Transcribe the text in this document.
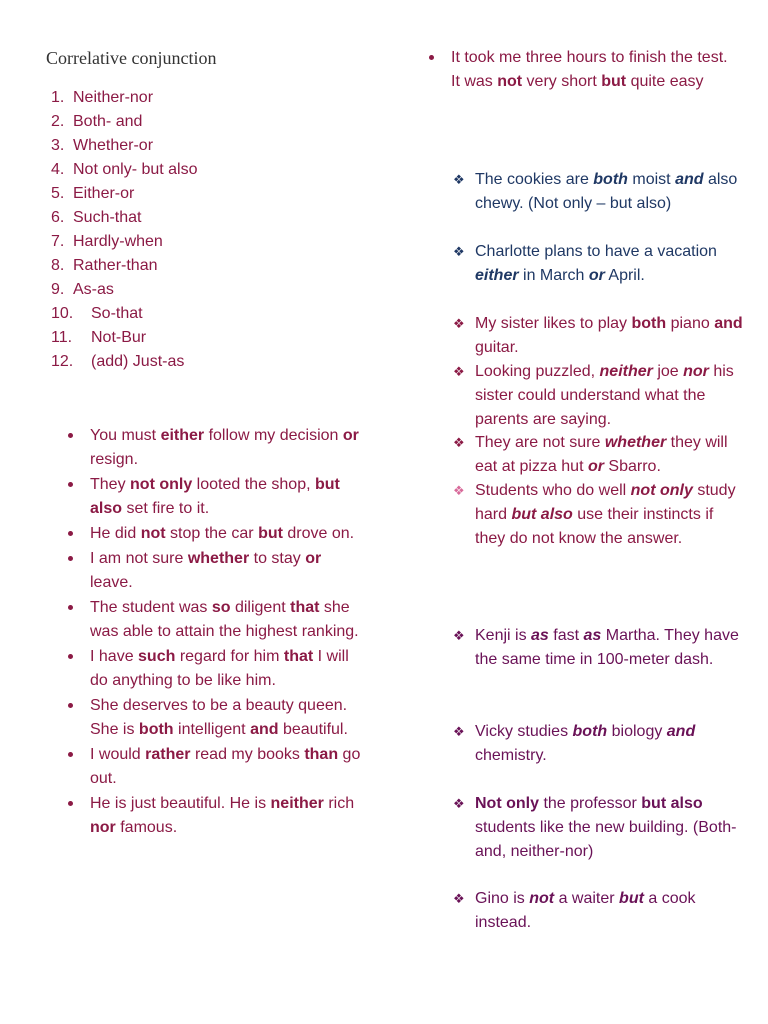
Correlative conjunction
1. Neither-nor
2. Both- and
3. Whether-or
4. Not only- but also
5. Either-or
6. Such-that
7. Hardly-when
8. Rather-than
9. As-as
10. So-that
11. Not-Bur
12. (add) Just-as
You must either follow my decision or resign.
They not only looted the shop, but also set fire to it.
He did not stop the car but drove on.
I am not sure whether to stay or leave.
The student was so diligent that she was able to attain the highest ranking.
I have such regard for him that I will do anything to be like him.
She deserves to be a beauty queen. She is both intelligent and beautiful.
I would rather read my books than go out.
He is just beautiful. He is neither rich nor famous.
It took me three hours to finish the test. It was not very short but quite easy
❖ The cookies are both moist and also chewy. (Not only – but also)
❖ Charlotte plans to have a vacation either in March or April.
❖ My sister likes to play both piano and guitar.
❖ Looking puzzled, neither joe nor his sister could understand what the parents are saying.
❖ They are not sure whether they will eat at pizza hut or Sbarro.
❖ Students who do well not only study hard but also use their instincts if they do not know the answer.
❖ Kenji is as fast as Martha. They have the same time in 100-meter dash.
❖ Vicky studies both biology and chemistry.
❖ Not only the professor but also students like the new building. (Both-and, neither-nor)
❖ Gino is not a waiter but a cook instead.
